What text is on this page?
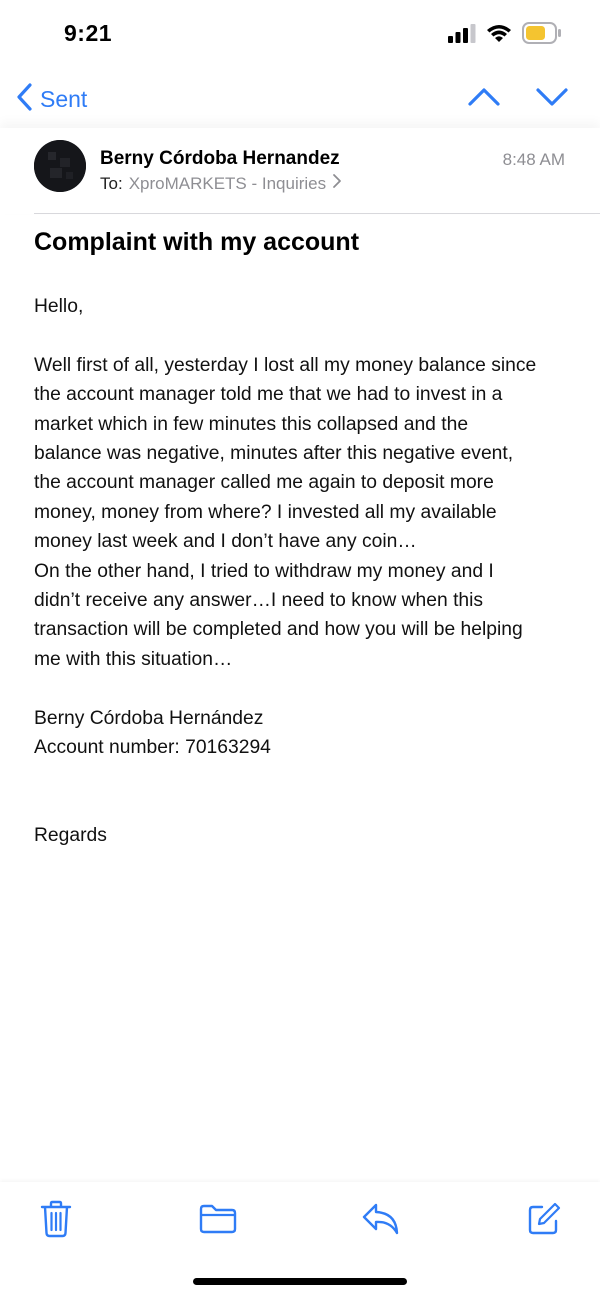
9:21
Sent
Berny Córdoba Hernandez
To: XproMARKETS - Inquiries
8:48 AM
Complaint with my account

Hello,

Well first of all, yesterday I lost all my money balance since

the account manager told me that we had to invest in a

market which in few minutes this collapsed and the

balance was negative, minutes after this negative event,

the account manager called me again to deposit more

money, money from where? I invested all my available

money last week and I don’t have any coin…

On the other hand, I tried to withdraw my money and I

didn’t receive any answer…I need to know when this

transaction will be completed and how you will be helping

me with this situation…

Berny Córdoba Hernández

Account number: 70163294

Regards
